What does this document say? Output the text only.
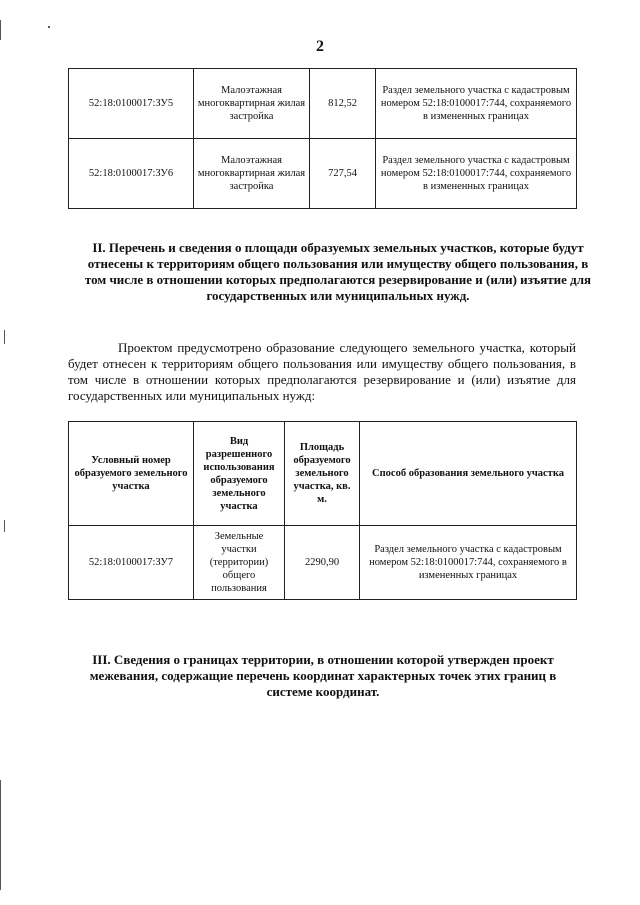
2
52:18:0100017:ЗУ5	Малоэтажная многоквартирная жилая застройка	812,52	Раздел земельного участка с кадастровым номером 52:18:0100017:744, сохраняемого в измененных границах
52:18:0100017:ЗУ6	Малоэтажная многоквартирная жилая застройка	727,54	Раздел земельного участка с кадастровым номером 52:18:0100017:744, сохраняемого в измененных границах

II. Перечень и сведения о площади образуемых земельных участков, которые будут отнесены к территориям общего пользования или имуществу общего пользования, в том числе в отношении которых предполагаются резервирование и (или) изъятие для государственных или муниципальных нужд.

Проектом предусмотрено образование следующего земельного участка, который будет отнесен к территориям общего пользования или имуществу общего пользования, в том числе в отношении которых предполагаются резервирование и (или) изъятие для государственных или муниципальных нужд:

Условный номер образуемого земельного участка	Вид разрешенного использования образуемого земельного участка	Площадь образуемого земельного участка, кв. м.	Способ образования земельного участка
52:18:0100017:ЗУ7	Земельные участки (территории) общего пользования	2290,90	Раздел земельного участка с кадастровым номером 52:18:0100017:744, сохраняемого в измененных границах

III. Сведения о границах территории, в отношении которой утвержден проект межевания, содержащие перечень координат характерных точек этих границ в системе координат.
